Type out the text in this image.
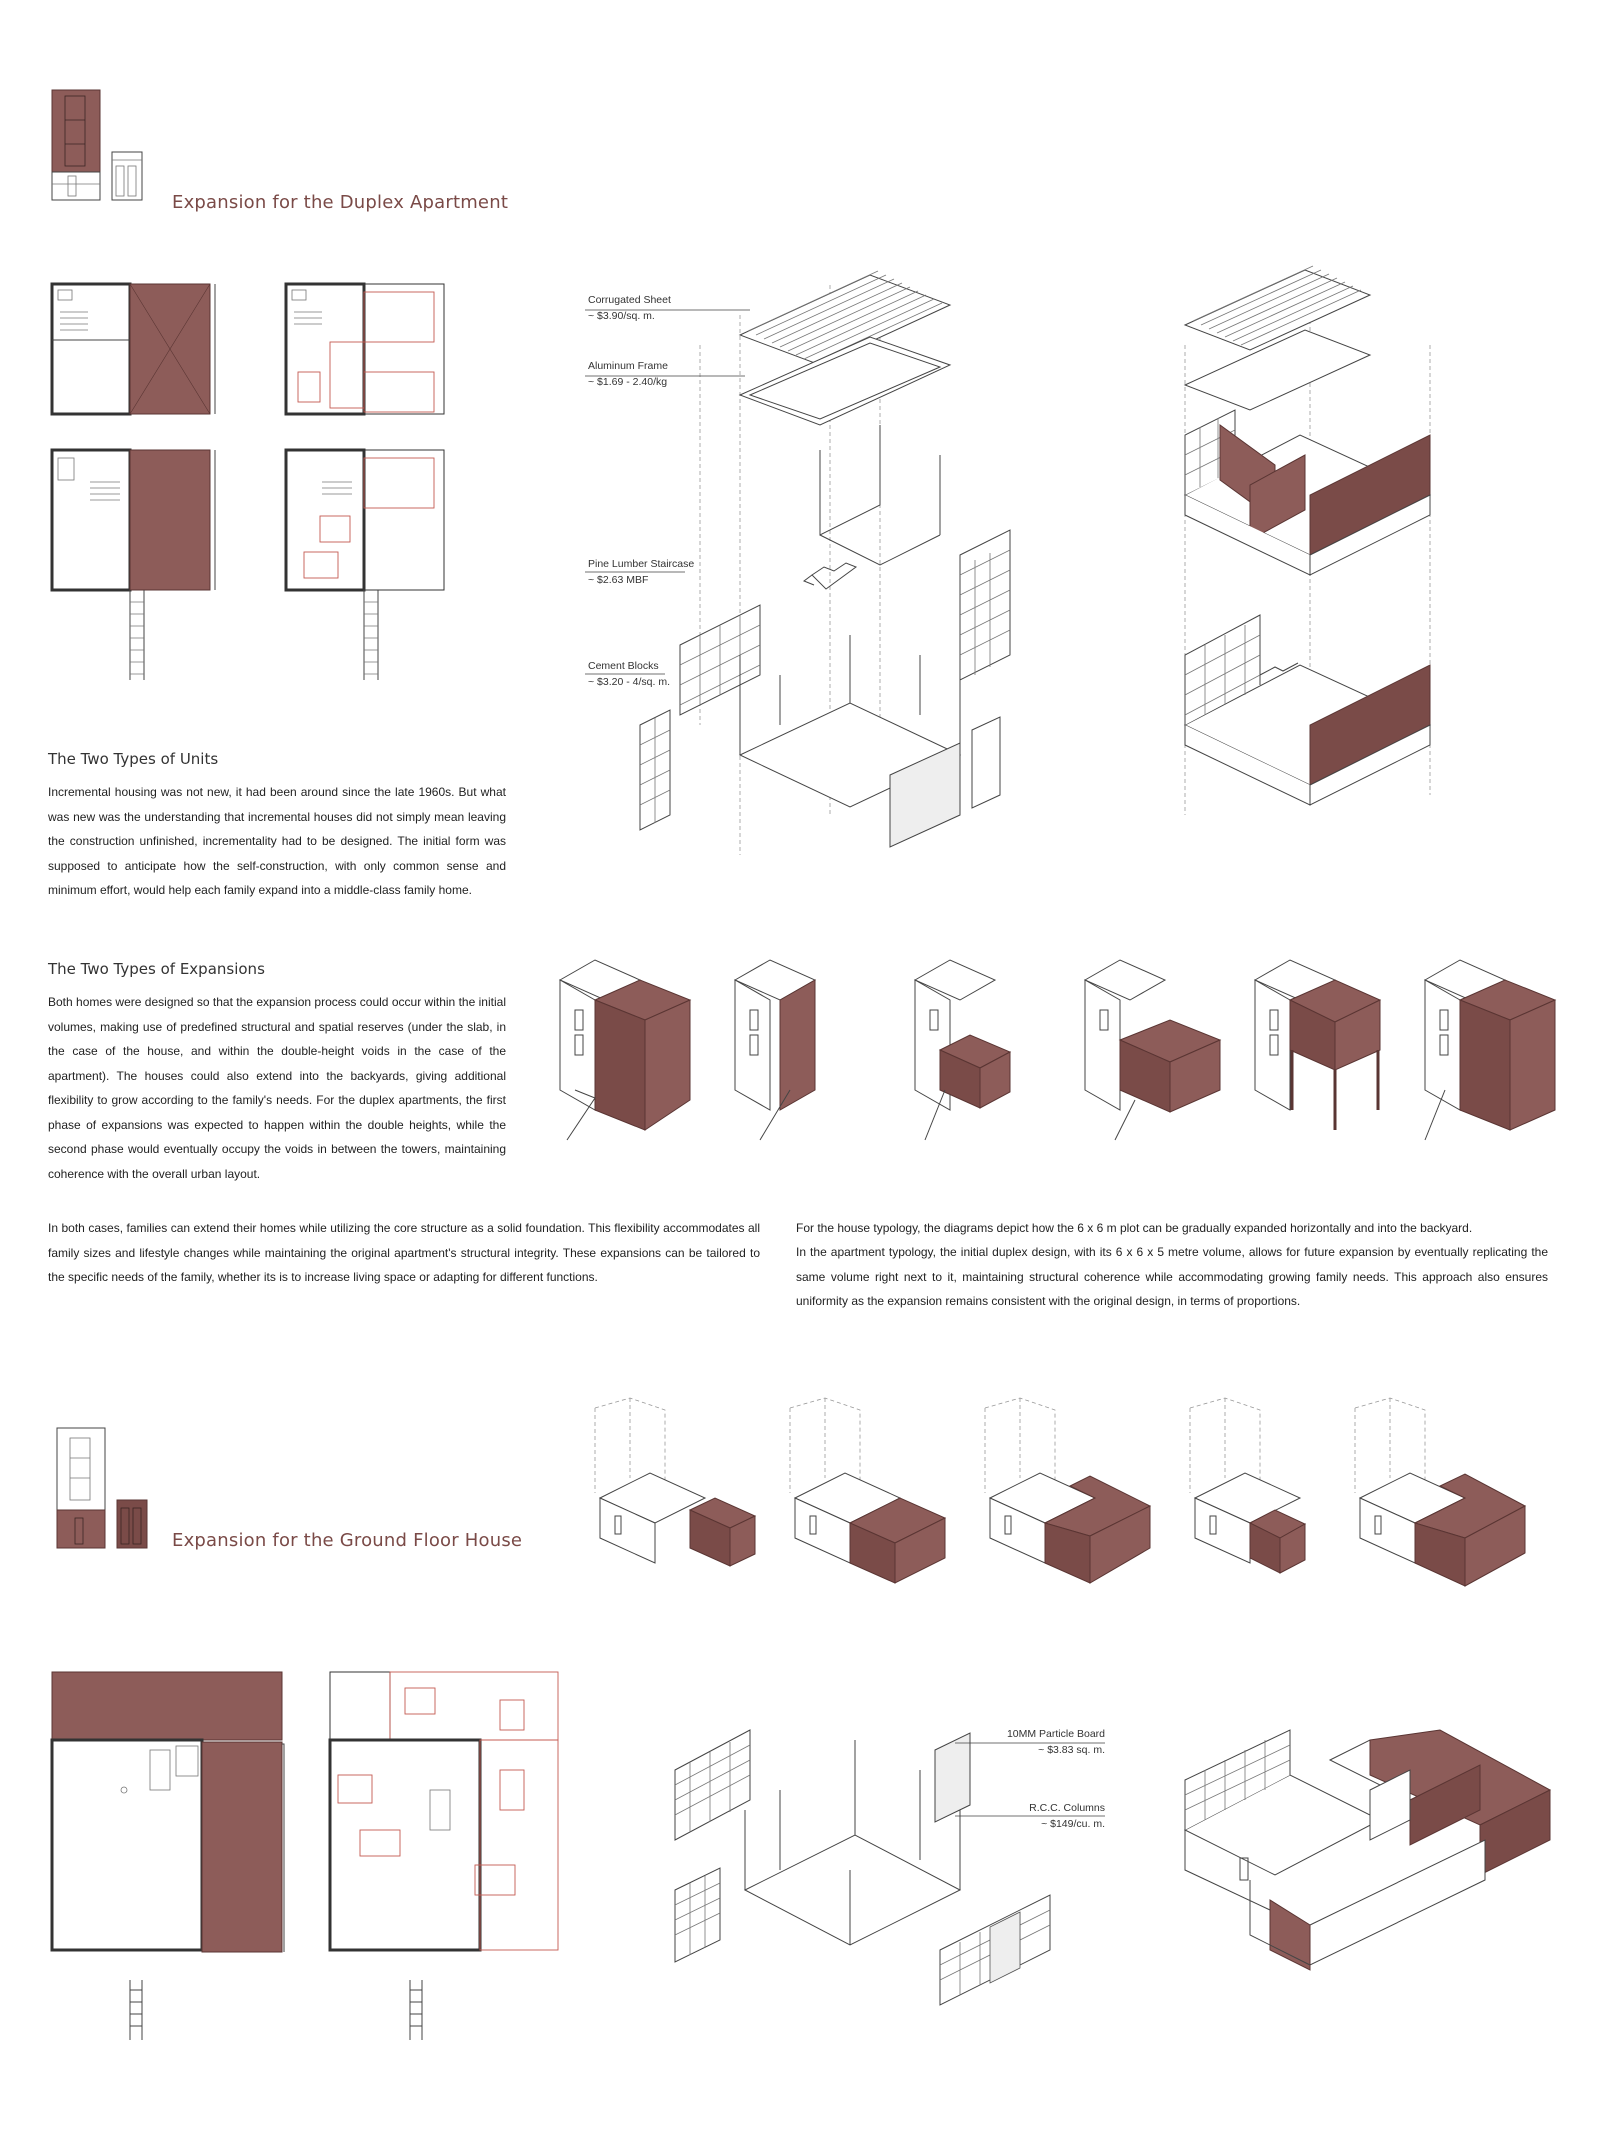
Expansion for the Duplex Apartment
Corrugated Sheet
~ $3.90/sq. m.
Aluminum Frame
~ $1.69 - 2.40/kg
Pine Lumber Staircase
~ $2.63 MBF
Cement Blocks
~ $3.20 - 4/sq. m.
The Two Types of Units

Incremental housing was not new, it had been around since the late 1960s. But what was new was the understanding that incremental houses did not simply mean leaving the construction unfinished, incrementality had to be designed. The initial form was supposed to anticipate how the self-construction, with only common sense and minimum effort, would help each family expand into a middle-class family home.

The Two Types of Expansions

Both homes were designed so that the expansion process could occur within the initial volumes, making use of predefined structural and spatial reserves (under the slab, in the case of the house, and within the double-height voids in the case of the apartment). The houses could also extend into the backyards, giving additional flexibility to grow according to the family's needs. For the duplex apartments, the first phase of expansions was expected to happen within the double heights, while the second phase would eventually occupy the voids in between the towers, maintaining coherence with the overall urban layout.

In both cases, families can extend their homes while utilizing the core structure as a solid foundation. This flexibility accommodates all family sizes and lifestyle changes while maintaining the original apartment's structural integrity. These expansions can be tailored to the specific needs of the family, whether its is to increase living space or adapting for different functions.

For the house typology, the diagrams depict how the 6 x 6 m plot can be gradually expanded horizontally and into the backyard.

In the apartment typology, the initial duplex design, with its 6 x 6 x 5 metre volume, allows for future expansion by eventually replicating the same volume right next to it, maintaining structural coherence while accommodating growing family needs. This approach also ensures uniformity as the expansion remains consistent with the original design, in terms of proportions.

Expansion for the Ground Floor House
10MM Particle Board
~ $3.83 sq. m.
R.C.C. Columns
~ $149/cu. m.
